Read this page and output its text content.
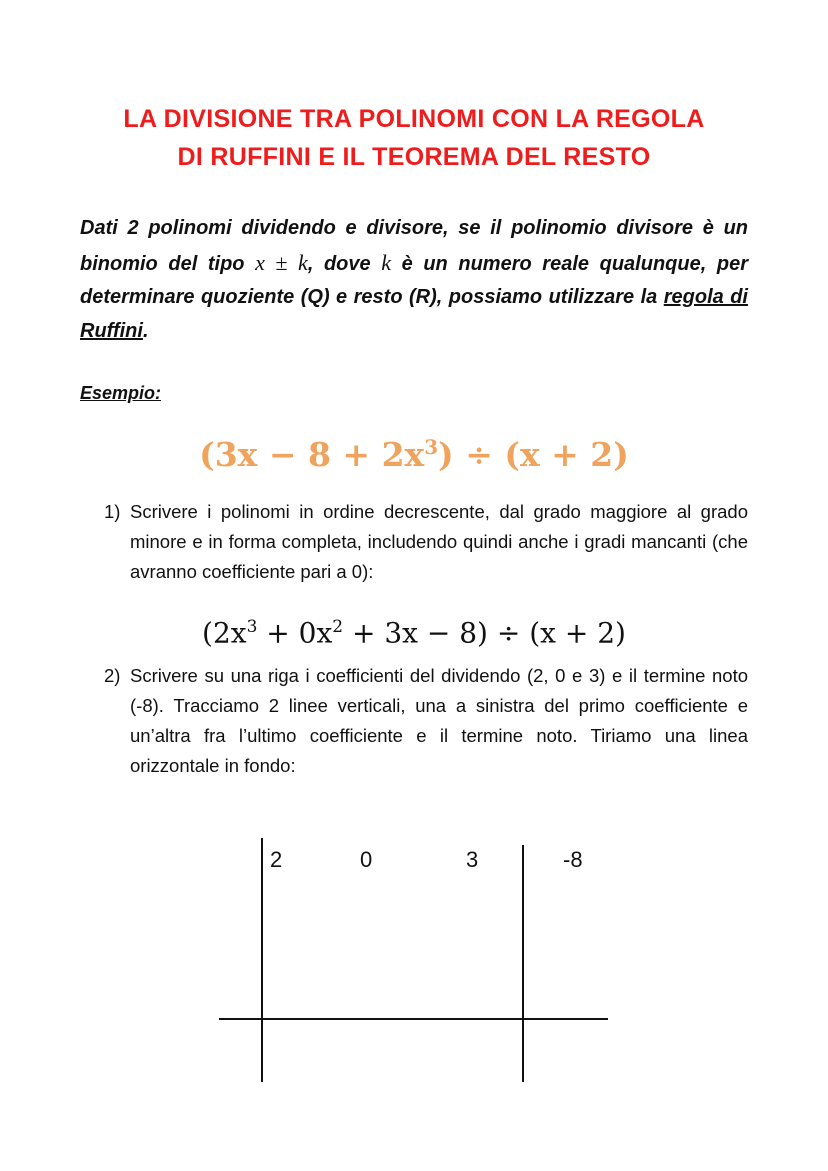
LA DIVISIONE TRA POLINOMI CON LA REGOLA
DI RUFFINI E IL TEOREMA DEL RESTO
Dati 2 polinomi dividendo e divisore, se il polinomio divisore è un binomio del tipo x ± k, dove k è un numero reale qualunque, per determinare quoziente (Q) e resto (R), possiamo utilizzare la regola di Ruffini.
Esempio:
$(3x - 8 + 2x^3) \div (x + 2)$
1) Scrivere i polinomi in ordine decrescente, dal grado maggiore al grado minore e in forma completa, includendo quindi anche i gradi mancanti (che avranno coefficiente pari a 0):
$(2x^3 + 0x^2 + 3x - 8) \div (x + 2)$
2) Scrivere su una riga i coefficienti del dividendo (2, 0 e 3) e il termine noto (-8). Tracciamo 2 linee verticali, una a sinistra del primo coefficiente e un’altra fra l’ultimo coefficiente e il termine noto. Tiriamo una linea orizzontale in fondo:
2	0	3	-8
